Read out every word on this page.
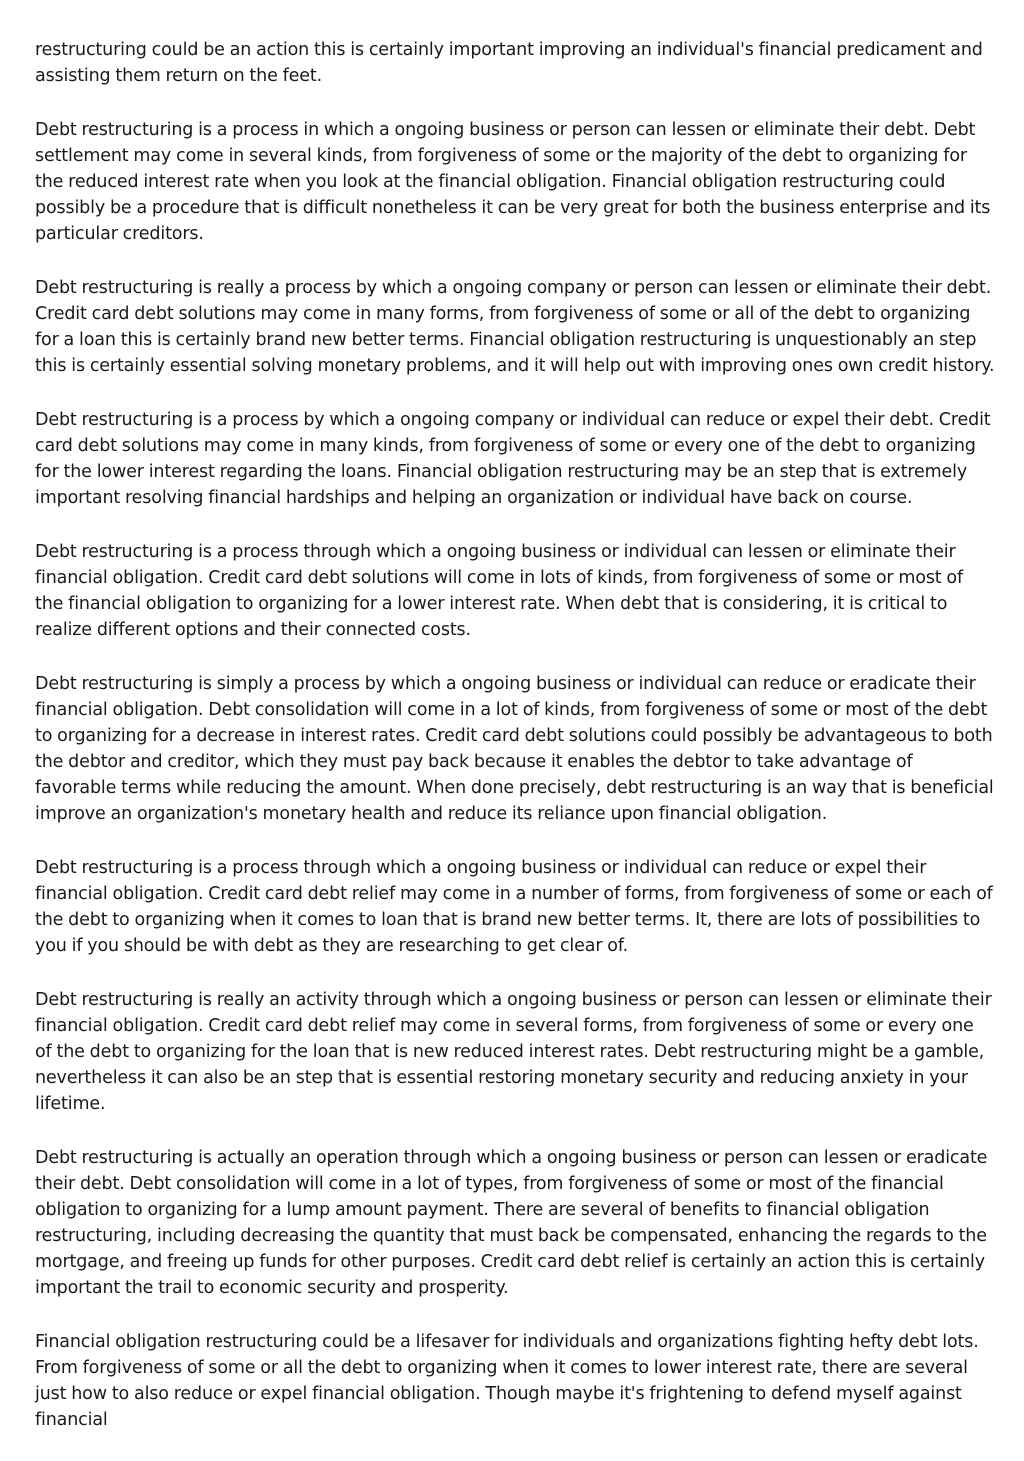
restructuring could be an action this is certainly important improving an individual's financial predicament and assisting them return on the feet.

Debt restructuring is a process in which a ongoing business or person can lessen or eliminate their debt. Debt settlement may come in several kinds, from forgiveness of some or the majority of the debt to organizing for the reduced interest rate when you look at the financial obligation. Financial obligation restructuring could possibly be a procedure that is difficult nonetheless it can be very great for both the business enterprise and its particular creditors.

Debt restructuring is really a process by which a ongoing company or person can lessen or eliminate their debt. Credit card debt solutions may come in many forms, from forgiveness of some or all of the debt to organizing for a loan this is certainly brand new better terms. Financial obligation restructuring is unquestionably an step this is certainly essential solving monetary problems, and it will help out with improving ones own credit history.

Debt restructuring is a process by which a ongoing company or individual can reduce or expel their debt. Credit card debt solutions may come in many kinds, from forgiveness of some or every one of the debt to organizing for the lower interest regarding the loans. Financial obligation restructuring may be an step that is extremely important resolving financial hardships and helping an organization or individual have back on course.

Debt restructuring is a process through which a ongoing business or individual can lessen or eliminate their financial obligation. Credit card debt solutions will come in lots of kinds, from forgiveness of some or most of the financial obligation to organizing for a lower interest rate. When debt that is considering, it is critical to realize different options and their connected costs.

Debt restructuring is simply a process by which a ongoing business or individual can reduce or eradicate their financial obligation. Debt consolidation will come in a lot of kinds, from forgiveness of some or most of the debt to organizing for a decrease in interest rates. Credit card debt solutions could possibly be advantageous to both the debtor and creditor, which they must pay back because it enables the debtor to take advantage of favorable terms while reducing the amount. When done precisely, debt restructuring is an way that is beneficial improve an organization's monetary health and reduce its reliance upon financial obligation.

Debt restructuring is a process through which a ongoing business or individual can reduce or expel their financial obligation. Credit card debt relief may come in a number of forms, from forgiveness of some or each of the debt to organizing when it comes to loan that is brand new better terms. It, there are lots of possibilities to you if you should be with debt as they are researching to get clear of.

Debt restructuring is really an activity through which a ongoing business or person can lessen or eliminate their financial obligation. Credit card debt relief may come in several forms, from forgiveness of some or every one of the debt to organizing for the loan that is new reduced interest rates. Debt restructuring might be a gamble, nevertheless it can also be an step that is essential restoring monetary security and reducing anxiety in your lifetime.

Debt restructuring is actually an operation through which a ongoing business or person can lessen or eradicate their debt. Debt consolidation will come in a lot of types, from forgiveness of some or most of the financial obligation to organizing for a lump amount payment. There are several of benefits to financial obligation restructuring, including decreasing the quantity that must back be compensated, enhancing the regards to the mortgage, and freeing up funds for other purposes. Credit card debt relief is certainly an action this is certainly important the trail to economic security and prosperity.

Financial obligation restructuring could be a lifesaver for individuals and organizations fighting hefty debt lots. From forgiveness of some or all the debt to organizing when it comes to lower interest rate, there are several just how to also reduce or expel financial obligation. Though maybe it's frightening to defend myself against financial
